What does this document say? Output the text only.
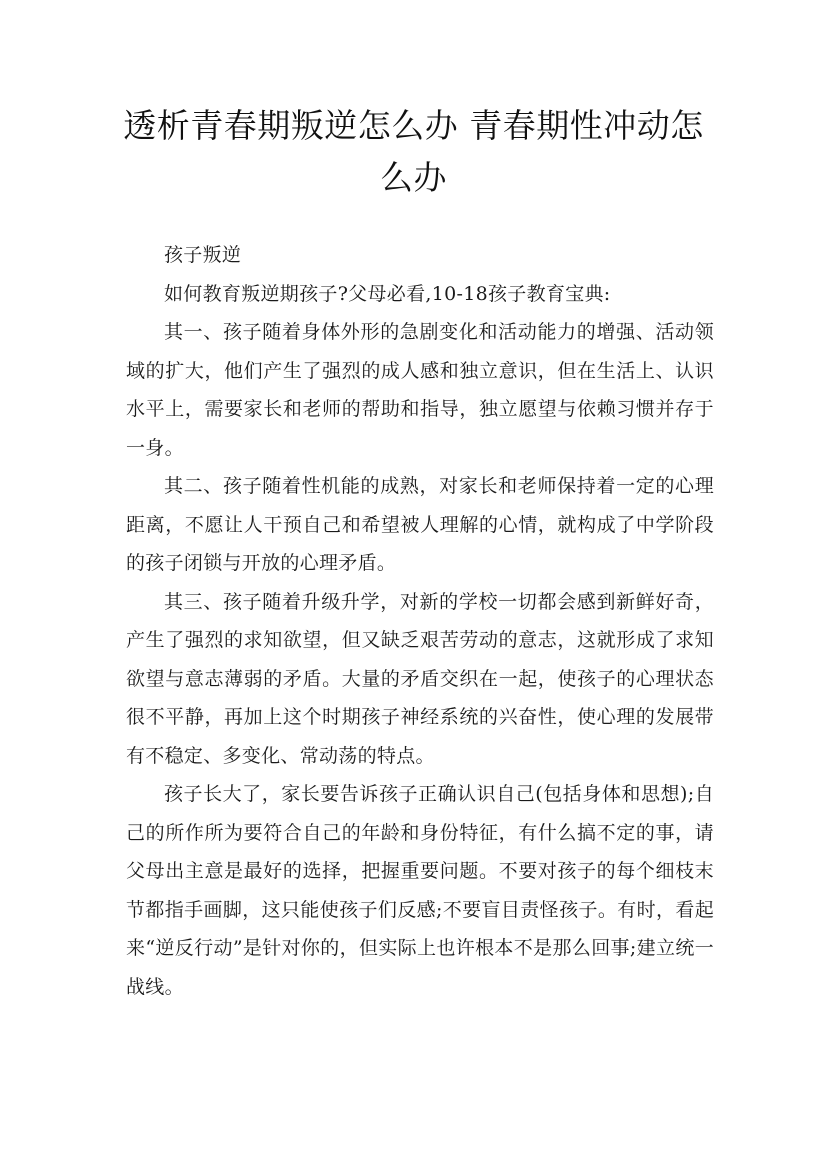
透析青春期叛逆怎么办 青春期性冲动怎么办

孩子叛逆

如何教育叛逆期孩子?父母必看,10-18孩子教育宝典:

其一、孩子随着身体外形的急剧变化和活动能力的增强、活动领域的扩大，他们产生了强烈的成人感和独立意识，但在生活上、认识水平上，需要家长和老师的帮助和指导，独立愿望与依赖习惯并存于一身。

其二、孩子随着性机能的成熟，对家长和老师保持着一定的心理距离，不愿让人干预自己和希望被人理解的心情，就构成了中学阶段的孩子闭锁与开放的心理矛盾。

其三、孩子随着升级升学，对新的学校一切都会感到新鲜好奇，产生了强烈的求知欲望，但又缺乏艰苦劳动的意志，这就形成了求知欲望与意志薄弱的矛盾。大量的矛盾交织在一起，使孩子的心理状态很不平静，再加上这个时期孩子神经系统的兴奋性，使心理的发展带有不稳定、多变化、常动荡的特点。

孩子长大了，家长要告诉孩子正确认识自己(包括身体和思想);自己的所作所为要符合自己的年龄和身份特征，有什么搞不定的事，请父母出主意是最好的选择，把握重要问题。不要对孩子的每个细枝末节都指手画脚，这只能使孩子们反感;不要盲目责怪孩子。有时，看起来“逆反行动”是针对你的，但实际上也许根本不是那么回事;建立统一战线。
